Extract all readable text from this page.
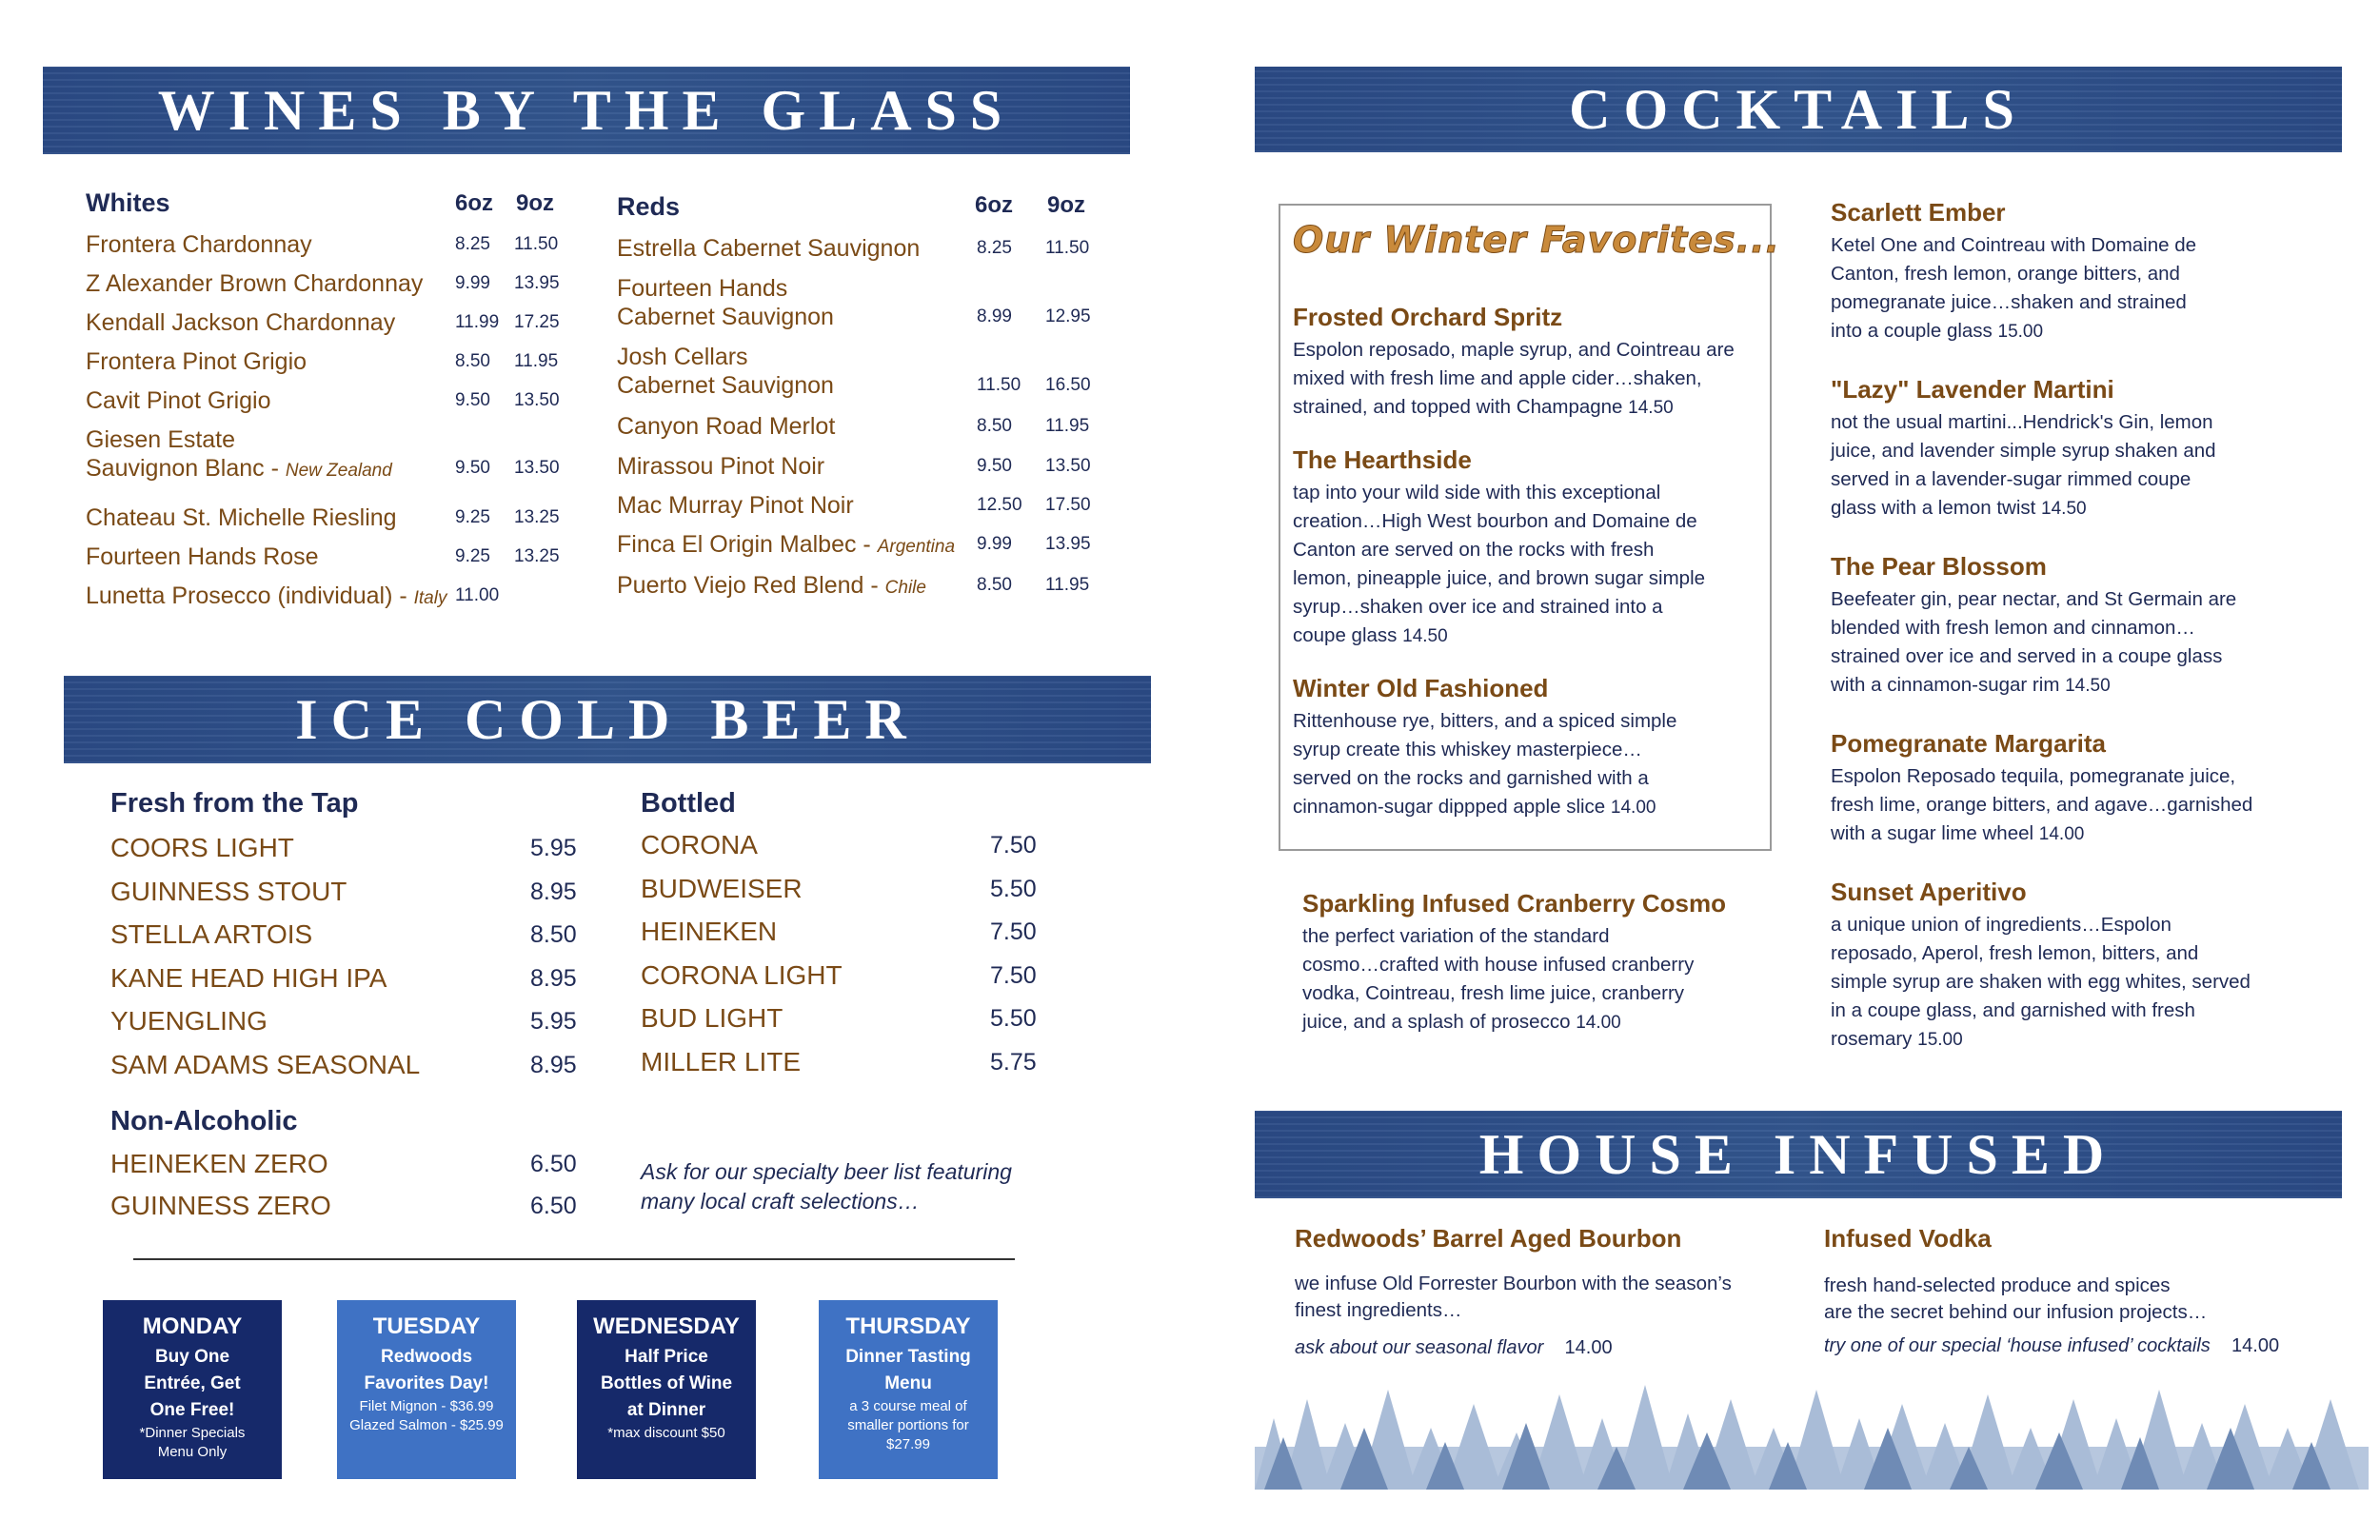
WINES BY THE GLASS
Whites	6oz 9oz
Frontera Chardonnay	8.25 11.50
Z Alexander Brown Chardonnay	9.99 13.95
Kendall Jackson Chardonnay	11.99 17.25
Frontera Pinot Grigio	8.50 11.95
Cavit Pinot Grigio	9.50 13.50
Giesen Estate
Sauvignon Blanc - New Zealand	9.50 13.50
Chateau St. Michelle Riesling	9.25 13.25
Fourteen Hands Rose	9.25 13.25
Lunetta Prosecco (individual) - Italy 11.00
Reds	6oz 9oz
Estrella Cabernet Sauvignon	8.25 11.50
Fourteen Hands
Cabernet Sauvignon	8.99 12.95
Josh Cellars
Cabernet Sauvignon	11.50 16.50
Canyon Road Merlot	8.50 11.95
Mirassou Pinot Noir	9.50 13.50
Mac Murray Pinot Noir	12.50 17.50
Finca El Origin Malbec - Argentina	9.99 13.95
Puerto Viejo Red Blend - Chile	8.50 11.95
ICE COLD BEER
Fresh from the Tap
COORS LIGHT	5.95
GUINNESS STOUT	8.95
STELLA ARTOIS	8.50
KANE HEAD HIGH IPA	8.95
YUENGLING	5.95
SAM ADAMS SEASONAL	8.95
Bottled
CORONA	7.50
BUDWEISER	5.50
HEINEKEN	7.50
CORONA LIGHT	7.50
BUD LIGHT	5.50
MILLER LITE	5.75
Non-Alcoholic
HEINEKEN ZERO	6.50
GUINNESS ZERO	6.50
Ask for our specialty beer list featuring
many local craft selections…
MONDAY
Buy One
Entrée, Get
One Free!
*Dinner Specials
Menu Only
TUESDAY
Redwoods
Favorites Day!
Filet Mignon - $36.99
Glazed Salmon - $25.99
WEDNESDAY
Half Price
Bottles of Wine
at Dinner
*max discount $50
THURSDAY
Dinner Tasting
Menu
a 3 course meal of
smaller portions for
$27.99
COCKTAILS
Our Winter Favorites...
Frosted Orchard Spritz
Espolon reposado, maple syrup, and Cointreau are
mixed with fresh lime and apple cider…shaken,
strained, and topped with Champagne 14.50
The Hearthside
tap into your wild side with this exceptional
creation…High West bourbon and Domaine de
Canton are served on the rocks with fresh
lemon, pineapple juice, and brown sugar simple
syrup…shaken over ice and strained into a
coupe glass 14.50
Winter Old Fashioned
Rittenhouse rye, bitters, and a spiced simple
syrup create this whiskey masterpiece…
served on the rocks and garnished with a
cinnamon-sugar dippped apple slice 14.00
Sparkling Infused Cranberry Cosmo
the perfect variation of the standard
cosmo…crafted with house infused cranberry
vodka, Cointreau, fresh lime juice, cranberry
juice, and a splash of prosecco 14.00
Scarlett Ember
Ketel One and Cointreau with Domaine de
Canton, fresh lemon, orange bitters, and
pomegranate juice…shaken and strained
into a couple glass 15.00
"Lazy" Lavender Martini
not the usual martini...Hendrick's Gin, lemon
juice, and lavender simple syrup shaken and
served in a lavender-sugar rimmed coupe
glass with a lemon twist 14.50
The Pear Blossom
Beefeater gin, pear nectar, and St Germain are
blended with fresh lemon and cinnamon…
strained over ice and served in a coupe glass
with a cinnamon-sugar rim 14.50
Pomegranate Margarita
Espolon Reposado tequila, pomegranate juice,
fresh lime, orange bitters, and agave…garnished
with a sugar lime wheel 14.00
Sunset Aperitivo
a unique union of ingredients…Espolon
reposado, Aperol, fresh lemon, bitters, and
simple syrup are shaken with egg whites, served
in a coupe glass, and garnished with fresh
rosemary 15.00
HOUSE INFUSED
Redwoods’ Barrel Aged Bourbon
we infuse Old Forrester Bourbon with the season’s
finest ingredients…
ask about our seasonal flavor 14.00
Infused Vodka
fresh hand-selected produce and spices
are the secret behind our infusion projects…
try one of our special ‘house infused’ cocktails 14.00
